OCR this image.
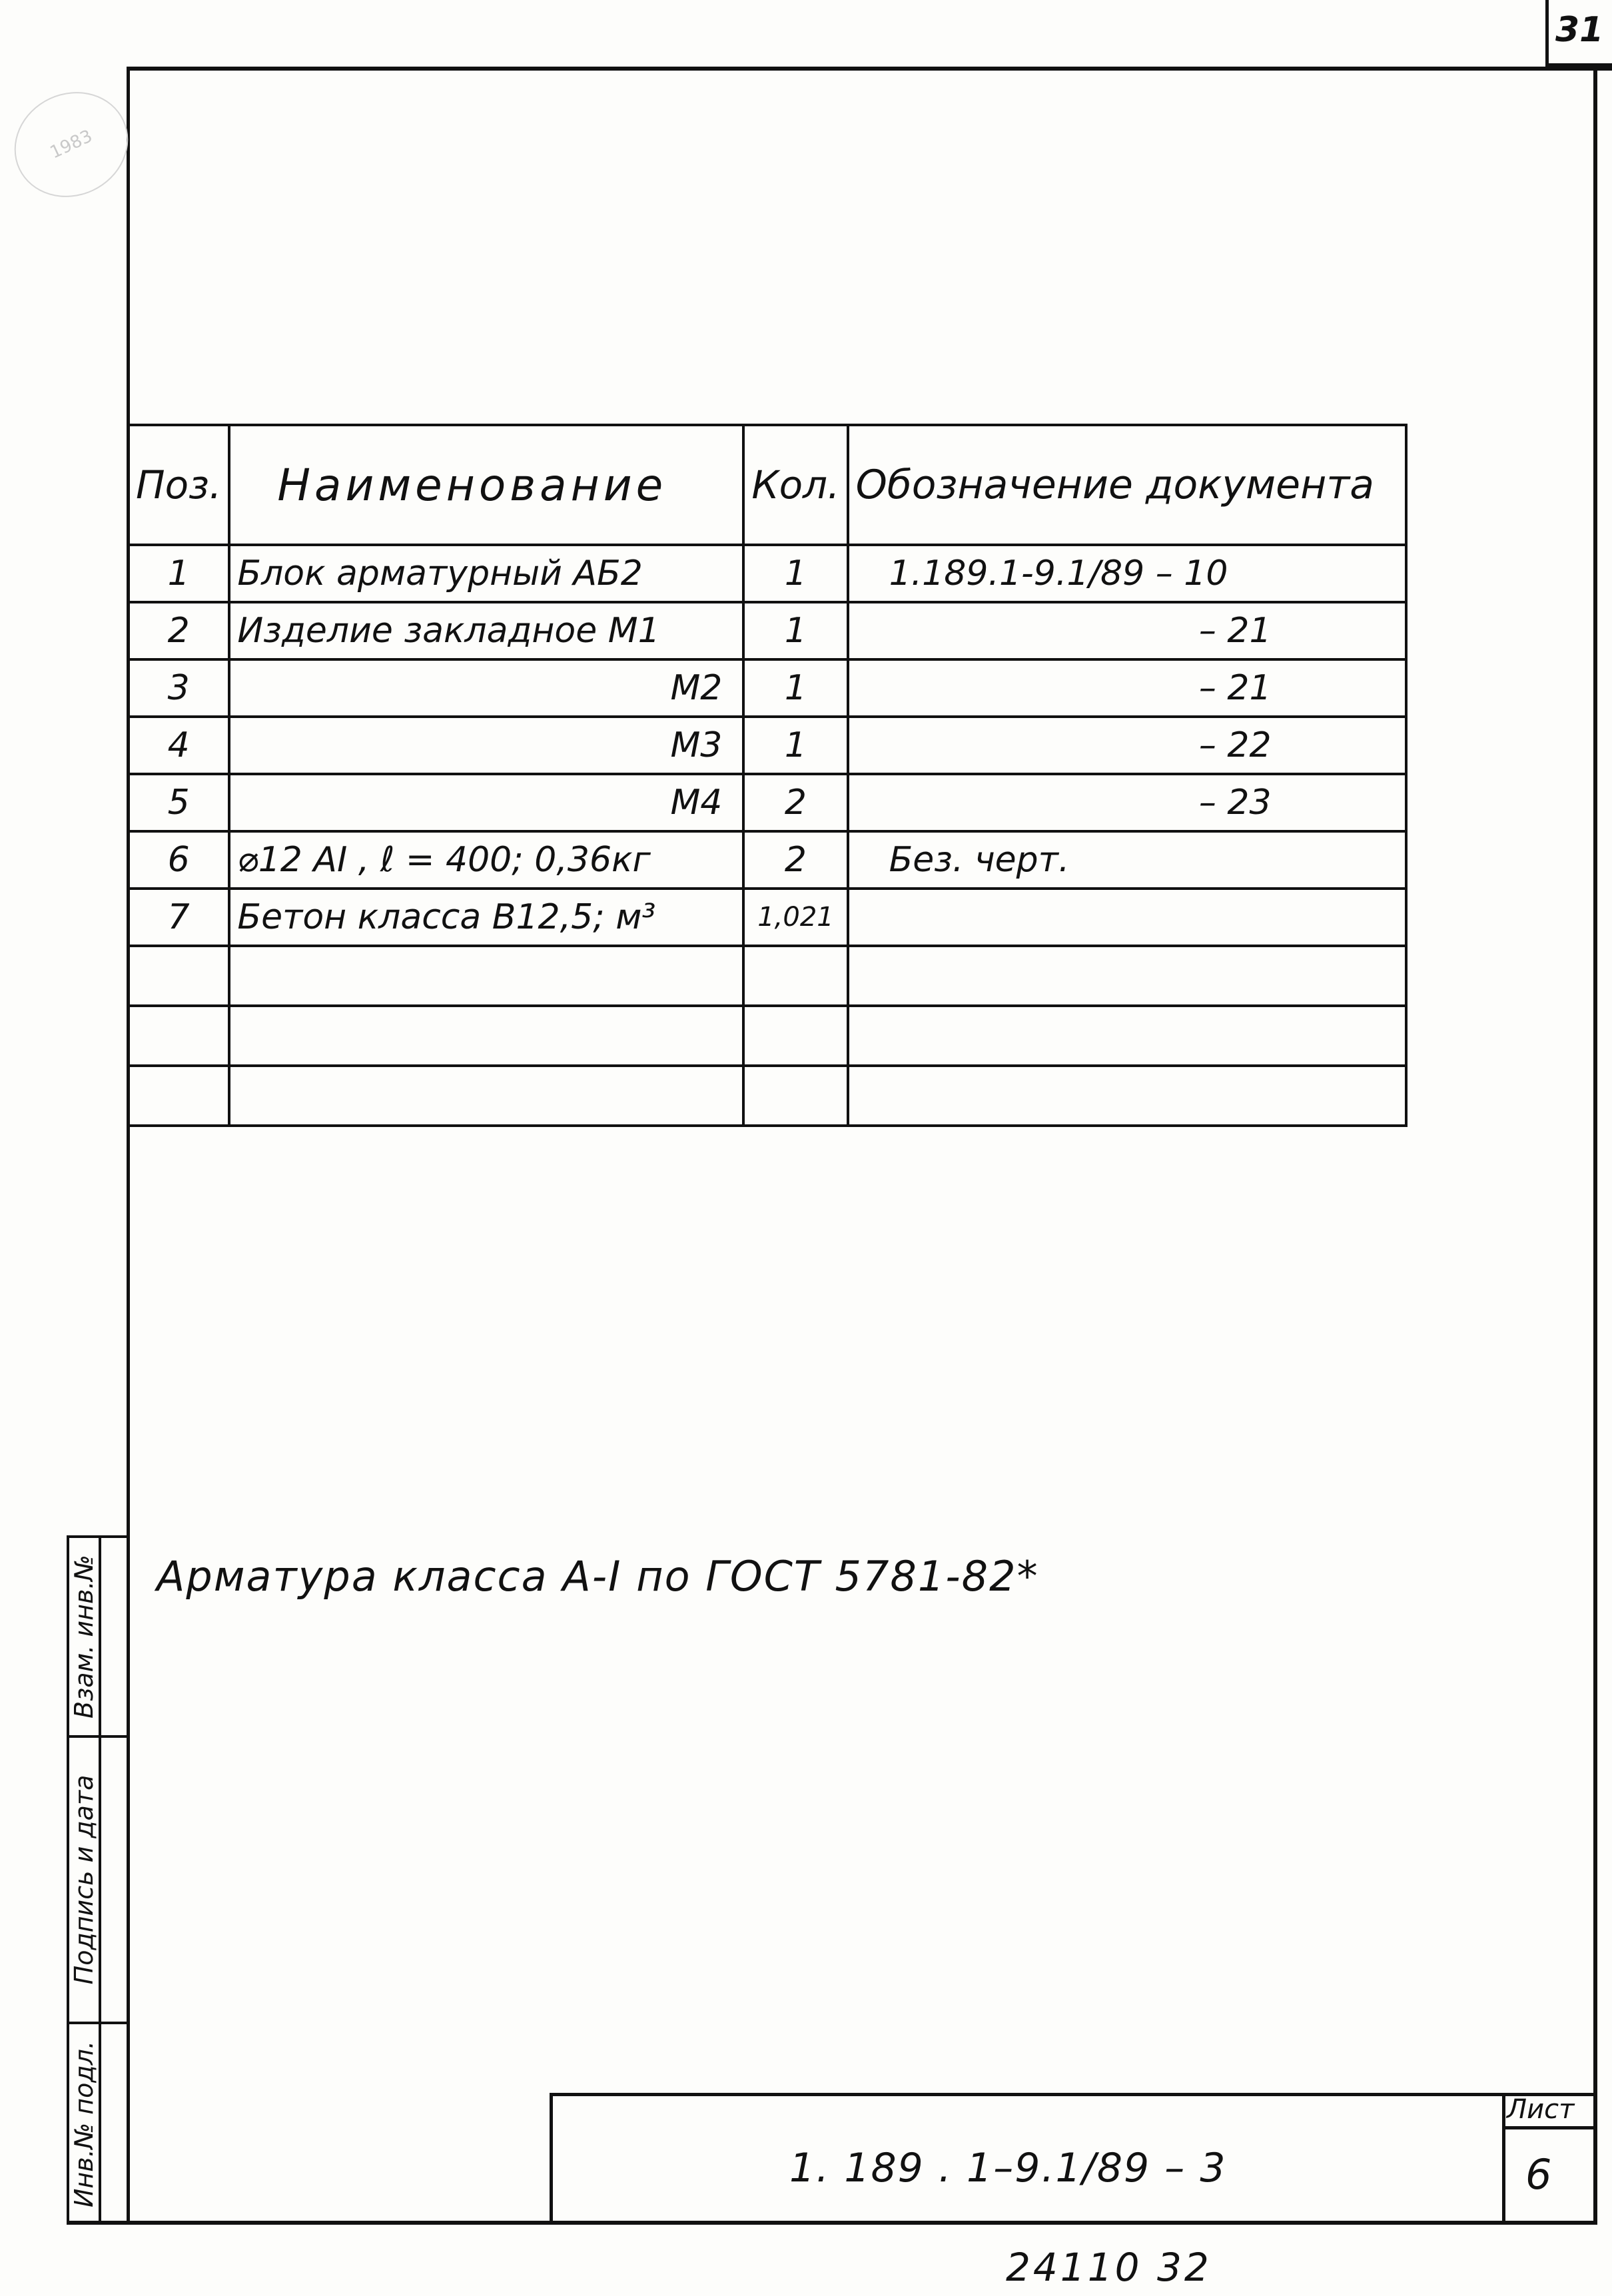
31
1983
Поз.	Наименование	Кол.	Обозначение документа
1	Блок арматурный АБ2	1	1.189.1-9.1/89 – 10
2	Изделие закладное М1	1	– 21
3	М2	1	– 21
4	М3	1	– 22
5	М4	2	– 23
6	⌀12 AI , ℓ = 400; 0,36кг	2	Без. черт.
7	Бетон класса В12,5; м³	1,021	

Взам. инв.№
Подпись и дата
Инв.№ подл.
Арматура класса А-I по ГОСТ 5781-82*
1. 189 . 1–9.1/89 – 3
Лист
6
24110 32
